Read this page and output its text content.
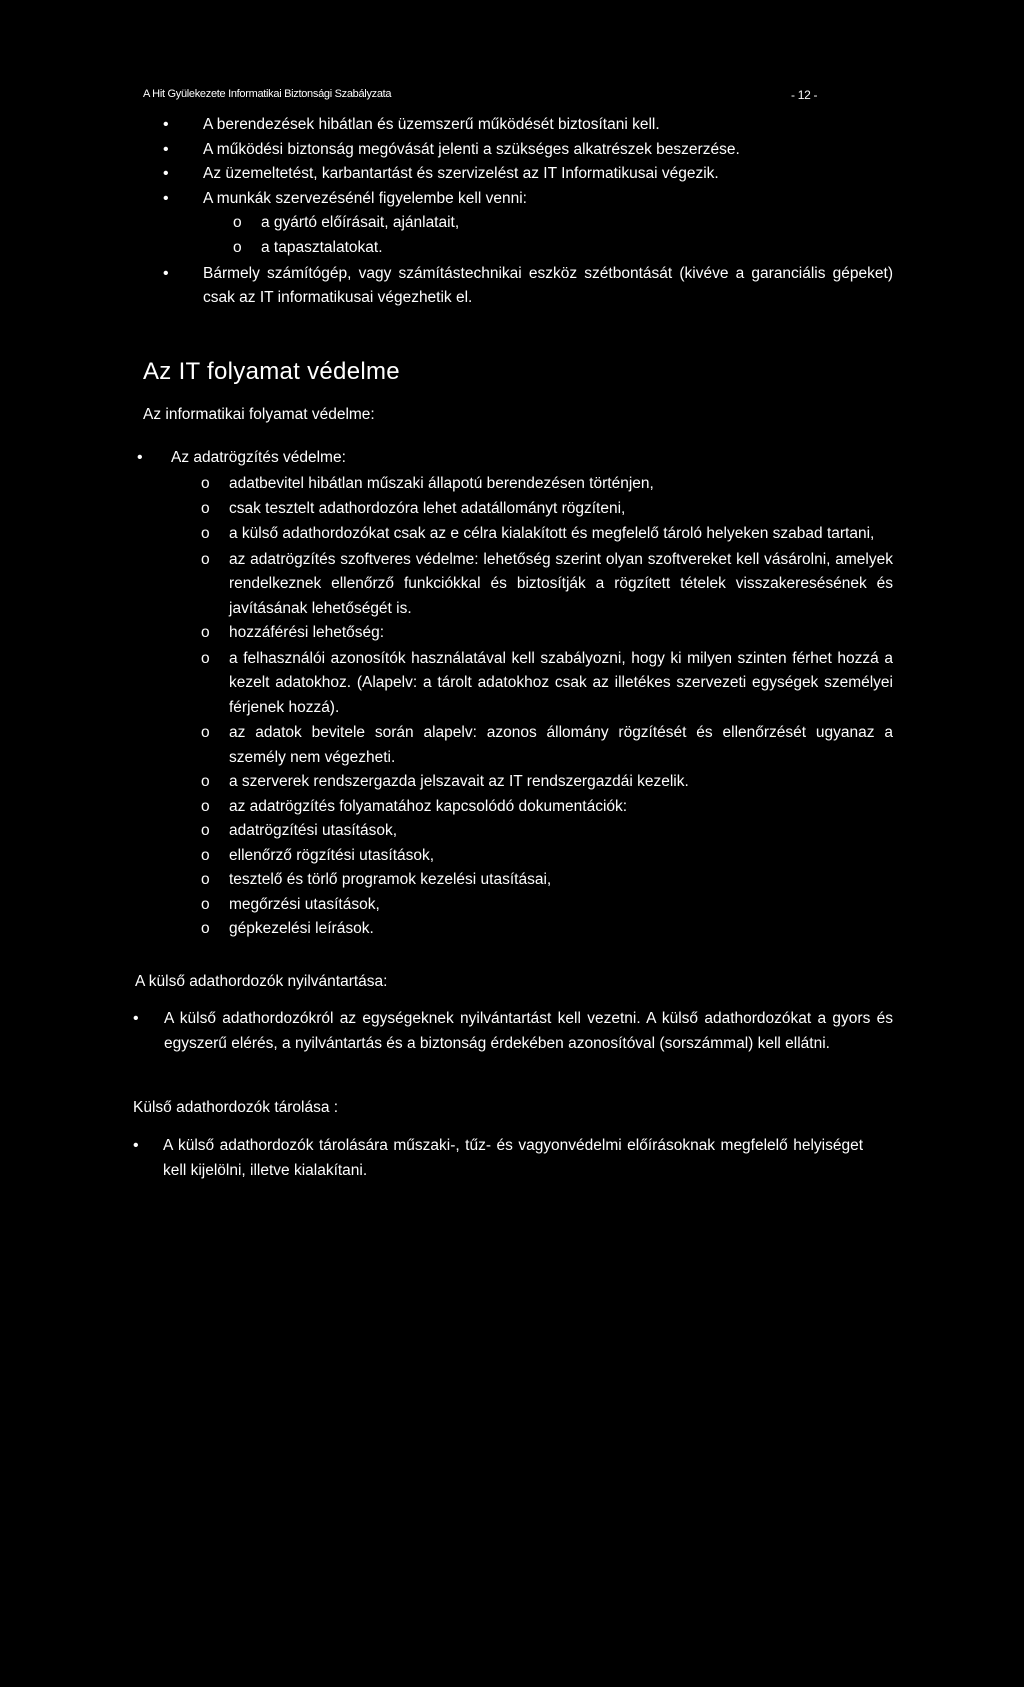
A Hit Gyülekezete Informatikai Biztonsági Szabályzata	- 12 -
• A berendezések hibátlan és üzemszerű működését biztosítani kell.
• A működési biztonság megóvását jelenti a szükséges alkatrészek beszerzése.
• Az üzemeltetést, karbantartást és szervizelést az IT Informatikusai végezik.
• A munkák szervezésénél figyelembe kell venni:
o a gyártó előírásait, ajánlatait,
o a tapasztalatokat.
• Bármely számítógép, vagy számítástechnikai eszköz szétbontását (kivéve a garanciális gépeket) csak az IT informatikusai végezhetik el.
Az IT folyamat védelme
Az informatikai folyamat védelme:
• Az adatrögzítés védelme:
o adatbevitel hibátlan műszaki állapotú berendezésen történjen,
o csak tesztelt adathordozóra lehet adatállományt rögzíteni,
o a külső adathordozókat csak az e célra kialakított és megfelelő tároló helyeken szabad tartani,
o az adatrögzítés szoftveres védelme: lehetőség szerint olyan szoftvereket kell vásárolni, amelyek rendelkeznek ellenőrző funkciókkal és biztosítják a rögzített tételek visszakeresésének és javításának lehetőségét is.
o hozzáférési lehetőség:
o a felhasználói azonosítók használatával kell szabályozni, hogy ki milyen szinten férhet hozzá a kezelt adatokhoz. (Alapelv: a tárolt adatokhoz csak az illetékes szervezeti egységek személyei férjenek hozzá).
o az adatok bevitele során alapelv: azonos állomány rögzítését és ellenőrzését ugyanaz a személy nem végezheti.
o a szerverek rendszergazda jelszavait az IT rendszergazdái kezelik.
o az adatrögzítés folyamatához kapcsolódó dokumentációk:
o adatrögzítési utasítások,
o ellenőrző rögzítési utasítások,
o tesztelő és törlő programok kezelési utasításai,
o megőrzési utasítások,
o gépkezelési leírások.
A külső adathordozók nyilvántartása:
• A külső adathordozókról az egységeknek nyilvántartást kell vezetni. A külső adathordozókat a gyors és egyszerű elérés, a nyilvántartás és a biztonság érdekében azonosítóval (sorszámmal) kell ellátni.
Külső adathordozók tárolása :
• A külső adathordozók tárolására műszaki-, tűz- és vagyonvédelmi előírásoknak megfelelő helyiséget kell kijelölni, illetve kialakítani.
